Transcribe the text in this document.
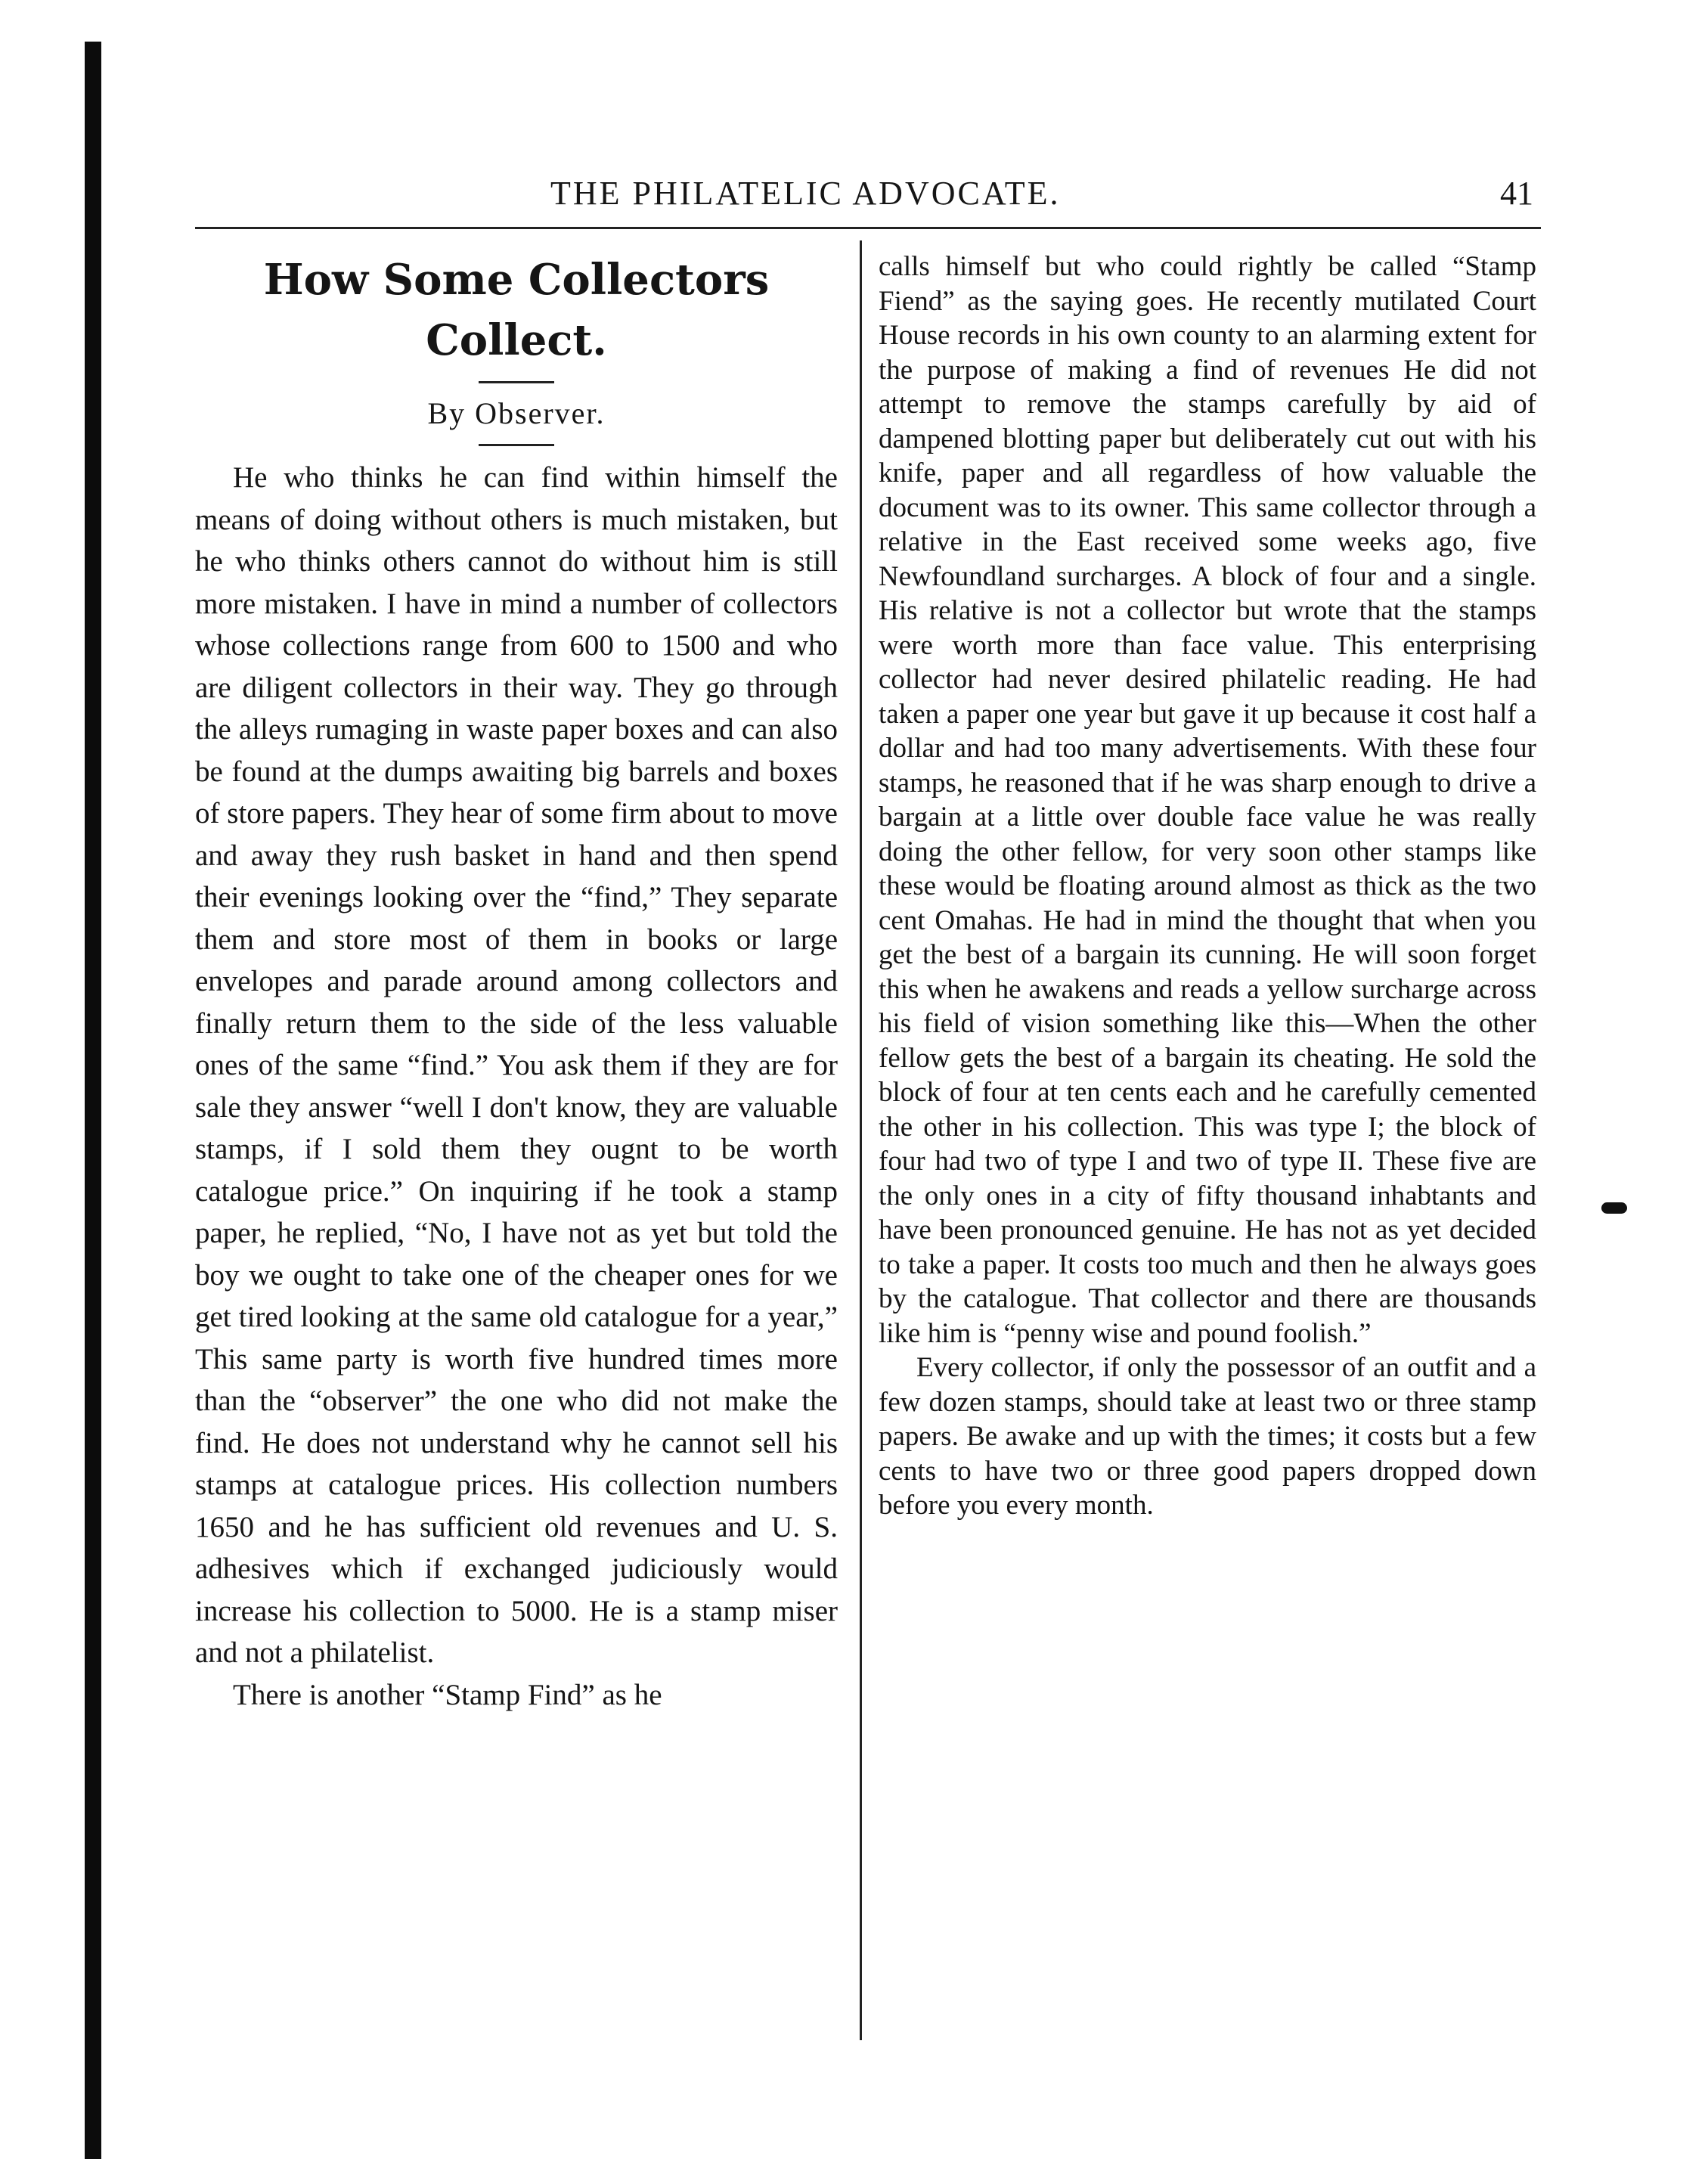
THE PHILATELIC ADVOCATE.	41
How Some Collectors
Collect.
By Observer.

He who thinks he can find within himself the means of doing without others is much mistaken, but he who thinks others cannot do without him is still more mistaken. I have in mind a number of collectors whose collections range from 600 to 1500 and who are diligent collectors in their way. They go through the alleys rumaging in waste paper boxes and can also be found at the dumps awaiting big barrels and boxes of store papers. They hear of some firm about to move and away they rush basket in hand and then spend their evenings looking over the “find,” They separate them and store most of them in books or large envelopes and parade around among collectors and finally return them to the side of the less valuable ones of the same “find.” You ask them if they are for sale they answer “well I don't know, they are valuable stamps, if I sold them they ougnt to be worth catalogue price.” On inquiring if he took a stamp paper, he replied, “No, I have not as yet but told the boy we ought to take one of the cheaper ones for we get tired looking at the same old catalogue for a year,” This same party is worth five hundred times more than the “observer” the one who did not make the find. He does not understand why he cannot sell his stamps at catalogue prices. His collection numbers 1650 and he has sufficient old revenues and U. S. adhesives which if exchanged judiciously would increase his collection to 5000. He is a stamp miser and not a philatelist.

There is another “Stamp Find” as he

calls himself but who could rightly be called “Stamp Fiend” as the saying goes. He recently mutilated Court House records in his own county to an alarming extent for the purpose of making a find of revenues He did not attempt to remove the stamps carefully by aid of dampened blotting paper but deliberately cut out with his knife, paper and all regardless of how valuable the document was to its owner. This same collector through a relative in the East received some weeks ago, five Newfoundland surcharges. A block of four and a single. His relative is not a collector but wrote that the stamps were worth more than face value. This enterprising collector had never desired philatelic reading. He had taken a paper one year but gave it up because it cost half a dollar and had too many advertisements. With these four stamps, he reasoned that if he was sharp enough to drive a bargain at a little over double face value he was really doing the other fellow, for very soon other stamps like these would be floating around almost as thick as the two cent Omahas. He had in mind the thought that when you get the best of a bargain its cunning. He will soon forget this when he awakens and reads a yellow surcharge across his field of vision something like this—When the other fellow gets the best of a bargain its cheating. He sold the block of four at ten cents each and he carefully cemented the other in his collection. This was type I; the block of four had two of type I and two of type II. These five are the only ones in a city of fifty thousand inhabtants and have been pronounced genuine. He has not as yet decided to take a paper. It costs too much and then he always goes by the catalogue. That collector and there are thousands like him is “penny wise and pound foolish.”

Every collector, if only the possessor of an outfit and a few dozen stamps, should take at least two or three stamp papers. Be awake and up with the times; it costs but a few cents to have two or three good papers dropped down before you every month.
